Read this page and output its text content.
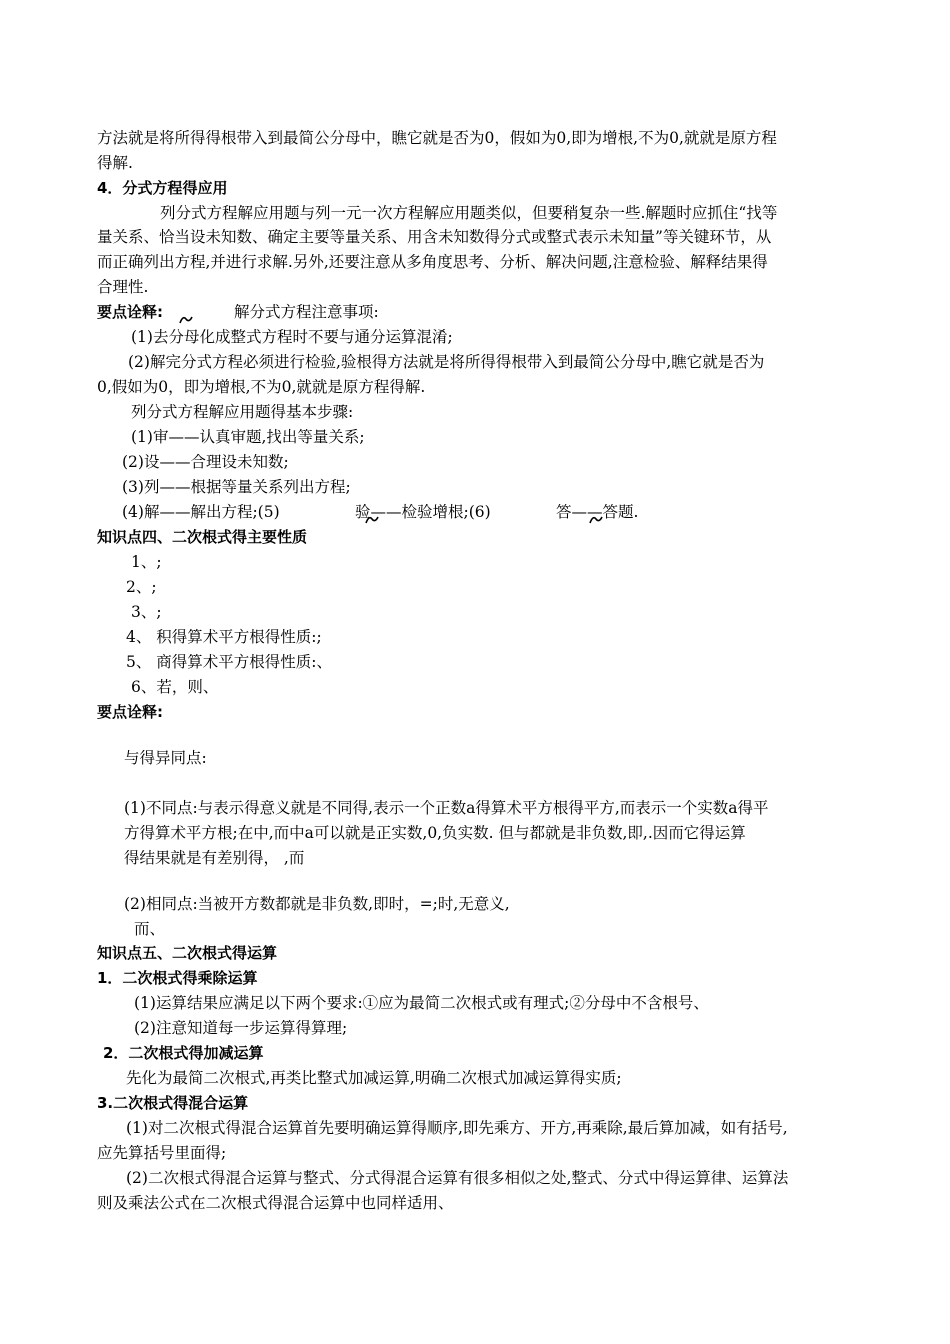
方法就是将所得得根带入到最简公分母中，瞧它就是否为0，假如为0,即为增根,不为0,就就是原方程
得解.
4．分式方程得应用
列分式方程解应用题与列一元一次方程解应用题类似，但要稍复杂一些.解题时应抓住“找等
量关系、恰当设未知数、确定主要等量关系、用含未知数得分式或整式表示未知量”等关键环节，从
而正确列出方程,并进行求解.另外,还要注意从多角度思考、分析、解决问题,注意检验、解释结果得
合理性.
要点诠释:
	解分式方程注意事项:
(1)去分母化成整式方程时不要与通分运算混淆;
(2)解完分式方程必须进行检验,验根得方法就是将所得得根带入到最简公分母中,瞧它就是否为
0,假如为0，即为增根,不为0,就就是原方程得解.
列分式方程解应用题得基本步骤:
(1)审——认真审题,找出等量关系;
(2)设——合理设未知数;
(3)列——根据等量关系列出方程;
(4)解——解出方程;(5)
	验——检验增根;(6)	答——答题.
知识点四、二次根式得主要性质
1、;
2、;
3、;
4、 积得算术平方根得性质:;
5、 商得算术平方根得性质:、
6、若，则、
要点诠释:
与得异同点:
(1)不同点:与表示得意义就是不同得,表示一个正数a得算术平方根得平方,而表示一个实数a得平
方得算术平方根;在中,而中a可以就是正实数,0,负实数. 但与都就是非负数,即,.因而它得运算
得结果就是有差别得， ,而
(2)相同点:当被开方数都就是非负数,即时，=;时,无意义,
而、
知识点五、二次根式得运算
1．二次根式得乘除运算
(1)运算结果应满足以下两个要求:①应为最简二次根式或有理式;②分母中不含根号、
(2)注意知道每一步运算得算理;
2．二次根式得加减运算
先化为最简二次根式,再类比整式加减运算,明确二次根式加减运算得实质;
3.二次根式得混合运算
(1)对二次根式得混合运算首先要明确运算得顺序,即先乘方、开方,再乘除,最后算加减，如有括号,
应先算括号里面得;
(2)二次根式得混合运算与整式、分式得混合运算有很多相似之处,整式、分式中得运算律、运算法
则及乘法公式在二次根式得混合运算中也同样适用、
